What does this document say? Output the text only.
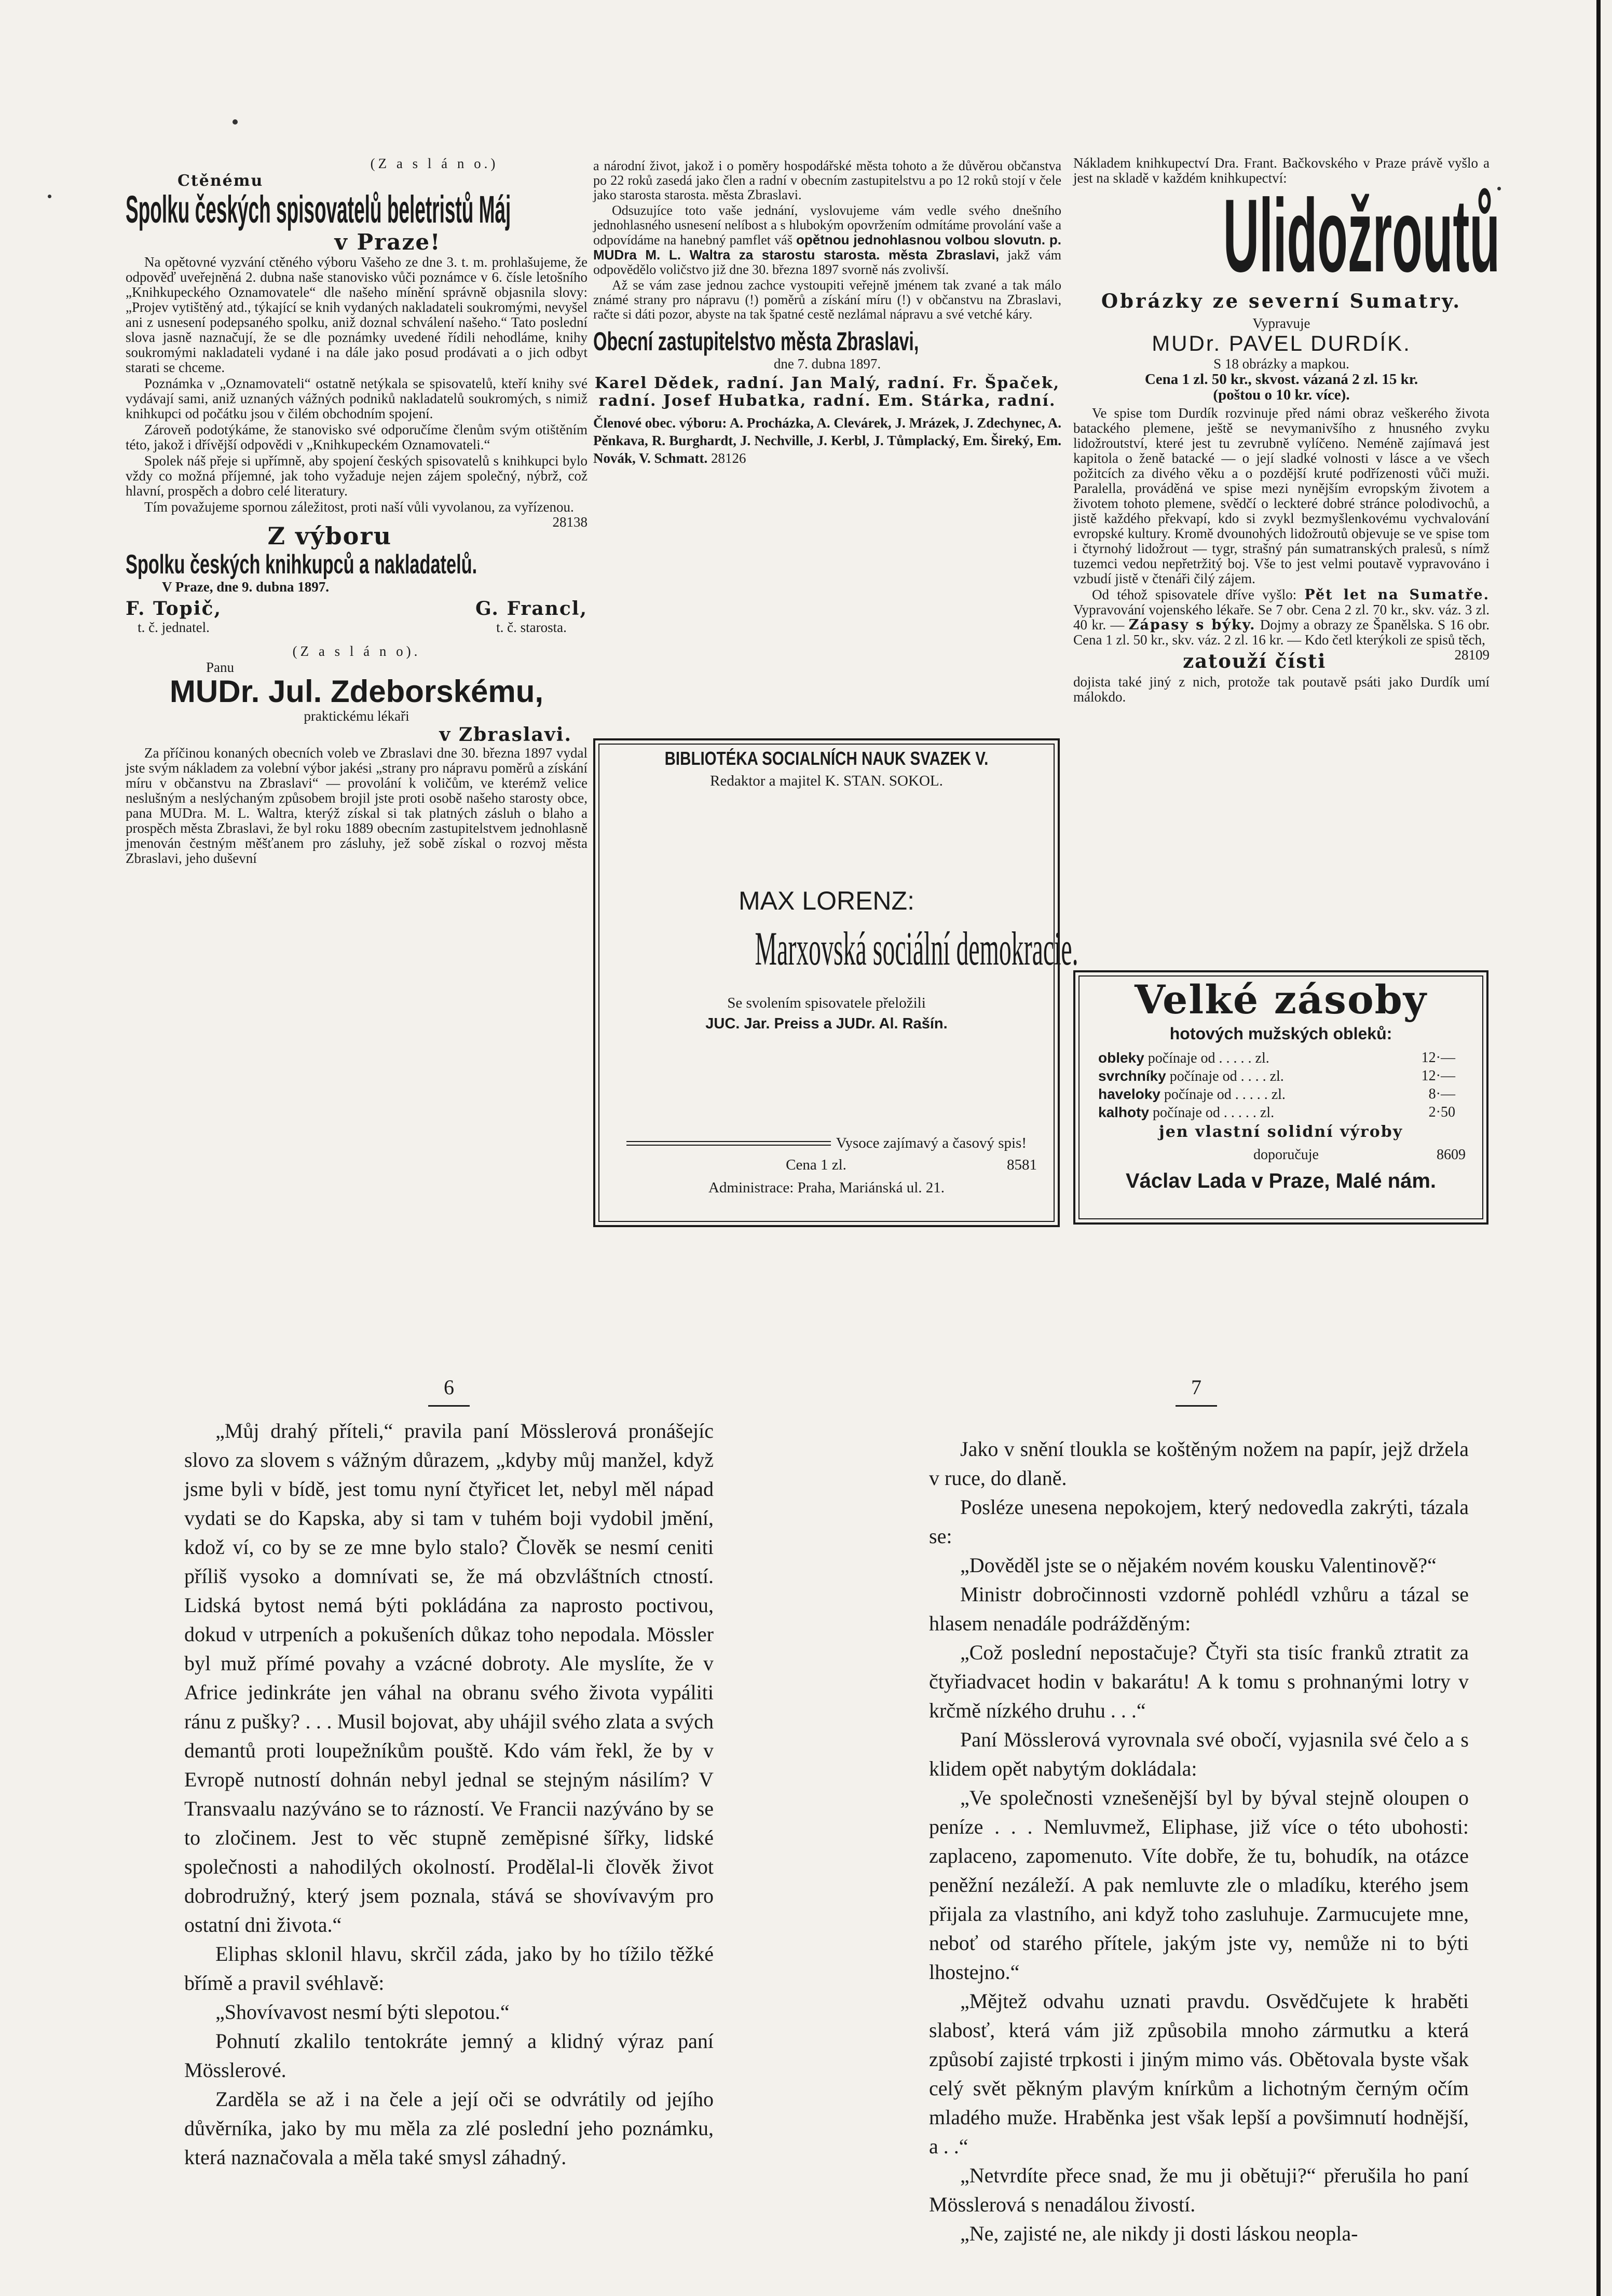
(Z a s l á n o.)

Ctěnému

Spolku českých spisovatelů beletristů Máj

v Praze!

Na opětovné vyzvání ctěného výboru Vašeho ze dne 3. t. m. prohlašujeme, že odpověď uveřejněná 2. dubna naše stanovisko vůči poznámce v 6. čísle letošního „Knihkupeckého Oznamovatele“ dle našeho mínění správně objasnila slovy: „Projev vytištěný atd., týkající se knih vydaných nakladateli soukromými, nevyšel ani z usnesení podepsaného spolku, aniž doznal schválení našeho.“ Tato poslední slova jasně naznačují, že se dle poznámky uvedené řídili nehodláme, knihy soukromými nakladateli vydané i na dále jako posud prodávati a o jich odbyt starati se chceme.

Poznámka v „Oznamovateli“ ostatně netýkala se spisovatelů, kteří knihy své vydávají sami, aniž uznaných vážných podniků nakladatelů soukromých, s nimiž knihkupci od počátku jsou v čilém obchodním spojení.

Zároveň podotýkáme, že stanovisko své odporučíme členům svým otištěním této, jakož i dřívější odpovědi v „Knihkupeckém Oznamovateli.“

Spolek náš přeje si upřímně, aby spojení českých spisovatelů s knihkupci bylo vždy co možná příjemné, jak toho vyžaduje nejen zájem společný, nýbrž, což hlavní, prospěch a dobro celé literatury.

Tím považujeme spornou záležitost, proti naší vůli vyvolanou, za vyřízenou.
28138

Z výboru

Spolku českých knihkupců a nakladatelů.

V Praze, dne 9. dubna 1897.

F. Topič,

t. č. jednatel.

G. Francl,

t. č. starosta.

(Z a s l á n o).

Panu

MUDr. Jul. Zdeborskému,

praktickému lékaři

v Zbraslavi.

Za příčinou konaných obecních voleb ve Zbraslavi dne 30. března 1897 vydal jste svým nákladem za volební výbor jakési „strany pro nápravu poměrů a získání míru v občanstvu na Zbraslavi“ — provolání k voličům, ve kterémž velice neslušným a neslýchaným způsobem brojil jste proti osobě našeho starosty obce, pana MUDra. M. L. Waltra, kterýž získal si tak platných zásluh o blaho a prospěch města Zbraslavi, že byl roku 1889 obecním zastupitelstvem jednohlasně jmenován čestným měšťanem pro zásluhy, jež sobě získal o rozvoj města Zbraslavi, jeho duševní

a národní život, jakož i o poměry hospodářské města tohoto a že důvěrou občanstva po 22 roků zasedá jako člen a radní v obecním zastupitelstvu a po 12 roků stojí v čele jako starosta starosta. města Zbraslavi.

Odsuzujíce toto vaše jednání, vyslovujeme vám vedle svého dnešního jednohlasného usnesení nelíbost a s hlubokým opovržením odmítáme provolání vaše a odpovídáme na hanebný pamflet váš opětnou jednohlasnou volbou slovutn. p. MUDra M. L. Waltra za starostu starosta. města Zbraslavi, jakž vám odpovědělo voličstvo již dne 30. března 1897 svorně nás zvolivší.

Až se vám zase jednou zachce vystoupiti veřejně jménem tak zvané a tak málo známé strany pro nápravu (!) poměrů a získání míru (!) v občanstvu na Zbraslavi, račte si dáti pozor, abyste na tak špatné cestě nezlámal nápravu a své vetché káry.

Obecní zastupitelstvo města Zbraslavi,

dne 7. dubna 1897.

Karel Dědek, radní. Jan Malý, radní. Fr. Špaček, radní. Josef Hubatka, radní. Em. Stárka, radní.

Členové obec. výboru: A. Procházka, A. Clevárek, J. Mrázek, J. Zdechynec, A. Pěnkava, R. Burghardt, J. Nechville, J. Kerbl, J. Tůmplacký, Em. Šireký, Em. Novák, V. Schmatt. 28126

BIBLIOTÉKA SOCIALNÍCH NAUK SVAZEK V.

Redaktor a majitel K. STAN. SOKOL.

MAX LORENZ:

Marxovská sociální demokracie.

Se svolením spisovatele přeložili

JUC. Jar. Preiss a JUDr. Al. Rašín.

Vysoce zajímavý a časový spis!

Cena 1 zl.	8581

Administrace: Praha, Mariánská ul. 21.

Nákladem knihkupectví Dra. Frant. Bačkovského v Praze právě vyšlo a jest na skladě v každém knihkupectví:

Ulidožroutů

Obrázky ze severní Sumatry.

Vypravuje

MUDr. PAVEL DURDÍK.

S 18 obrázky a mapkou.

Cena 1 zl. 50 kr., skvost. vázaná 2 zl. 15 kr.

(poštou o 10 kr. více).

Ve spise tom Durdík rozvinuje před námi obraz veškerého života batackého plemene, ještě se nevymanivšího z hnusného zvyku lidožroutství, které jest tu zevrubně vylíčeno. Neméně zajímavá jest kapitola o ženě batacké — o její sladké volnosti v lásce a ve všech požitcích za divého věku a o pozdější kruté podřízenosti vůči muži. Paralella, prováděná ve spise mezi nynějším evropským životem a životem tohoto plemene, svědčí o leckteré dobré stránce polodivochů, a jistě každého překvapí, kdo si zvykl bezmyšlenkovému vychvalování evropské kultury. Kromě dvounohých lidožroutů objevuje se ve spise tom i čtyrnohý lidožrout — tygr, strašný pán sumatranských pralesů, s nímž tuzemci vedou nepřetržitý boj. Vše to jest velmi poutavě vypravováno i vzbudí jistě v čtenáři čilý zájem.

Od téhož spisovatele dříve vyšlo: Pět let na Sumatře. Vypravování vojenského lékaře. Se 7 obr. Cena 2 zl. 70 kr., skv. váz. 3 zl. 40 kr. — Zápasy s býky. Dojmy a obrazy ze Španělska. S 16 obr. Cena 1 zl. 50 kr., skv. váz. 2 zl. 16 kr. — Kdo četl kterýkoli ze spisů těch,
28109

zatouží čísti

dojista také jiný z nich, protože tak poutavě psáti jako Durdík umí málokdo.

Velké zásoby

hotových mužských obleků:

obleky počínaje od . . . . . zl.	12·—
svrchníky počínaje od . . . . zl.	12·—
haveloky počínaje od . . . . . zl.	8·—
kalhoty počínaje od . . . . . zl.	2·50

jen vlastní solidní výroby

doporučuje	8609

Václav Lada v Praze, Malé nám.

6	7

„Můj drahý příteli,“ pravila paní Mösslerová pronášejíc slovo za slovem s vážným důrazem, „kdyby můj manžel, když jsme byli v bídě, jest tomu nyní čtyřicet let, nebyl měl nápad vydati se do Kapska, aby si tam v tuhém boji vydobil jmění, kdož ví, co by se ze mne bylo stalo? Člověk se nesmí ceniti příliš vysoko a domnívati se, že má obzvláštních ctností. Lidská bytost nemá býti pokládána za naprosto poctivou, dokud v utrpeních a pokušeních důkaz toho nepodala. Mössler byl muž přímé povahy a vzácné dobroty. Ale myslíte, že v Africe jedinkráte jen váhal na obranu svého života vypáliti ránu z pušky? . . . Musil bojovat, aby uhájil svého zlata a svých demantů proti loupežníkům pouště. Kdo vám řekl, že by v Evropě nutností dohnán nebyl jednal se stejným násilím? V Transvaalu nazýváno se to rázností. Ve Francii nazýváno by se to zločinem. Jest to věc stupně zeměpisné šířky, lidské společnosti a nahodilých okolností. Prodělal-li člověk život dobrodružný, který jsem poznala, stává se shovívavým pro ostatní dni života.“

Eliphas sklonil hlavu, skrčil záda, jako by ho tížilo těžké břímě a pravil svéhlavě:

„Shovívavost nesmí býti slepotou.“

Pohnutí zkalilo tentokráte jemný a klidný výraz paní Mösslerové.

Zarděla se až i na čele a její oči se odvrátily od jejího důvěrníka, jako by mu měla za zlé poslední jeho poznámku, která naznačovala a měla také smysl záhadný.

Jako v snění tloukla se koštěným nožem na papír, jejž držela v ruce, do dlaně.

Posléze unesena nepokojem, který nedovedla zakrýti, tázala se:

„Dověděl jste se o nějakém novém kousku Valentinově?“

Ministr dobročinnosti vzdorně pohlédl vzhůru a tázal se hlasem nenadále podrážděným:

„Což poslední nepostačuje? Čtyři sta tisíc franků ztratit za čtyřiadvacet hodin v bakarátu! A k tomu s prohnanými lotry v krčmě nízkého druhu . . .“

Paní Mösslerová vyrovnala své obočí, vyjasnila své čelo a s klidem opět nabytým dokládala:

„Ve společnosti vznešenější byl by býval stejně oloupen o peníze . . . Nemluvmež, Eliphase, již více o této ubohosti: zaplaceno, zapomenuto. Víte dobře, že tu, bohudík, na otázce peněžní nezáleží. A pak nemluvte zle o mladíku, kterého jsem přijala za vlastního, ani když toho zasluhuje. Zarmucujete mne, neboť od starého přítele, jakým jste vy, nemůže ni to býti lhostejno.“

„Mějtež odvahu uznati pravdu. Osvědčujete k hraběti slabosť, která vám již způsobila mnoho zármutku a která způsobí zajisté trpkosti i jiným mimo vás. Obětovala byste však celý svět pěkným plavým knírkům a lichotným černým očím mladého muže. Hraběnka jest však lepší a povšimnutí hodnější, a . .“

„Netvrdíte přece snad, že mu ji obětuji?“ přerušila ho paní Mösslerová s nenadálou živostí.

„Ne, zajisté ne, ale nikdy ji dosti láskou neopla-
